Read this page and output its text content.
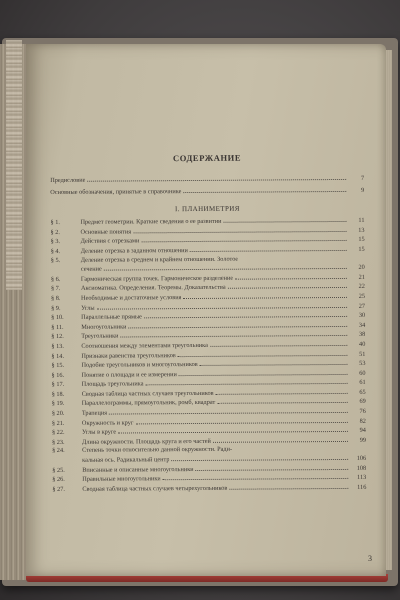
СОДЕРЖАНИЕ
Предисловие	7
Основные обозначения, принятые в справочнике	9
I. ПЛАНИМЕТРИЯ
§ 1.	Предмет геометрии. Краткие сведения о ее развитии	11
§ 2.	Основные понятия	13
§ 3.	Действия с отрезками	15
§ 4.	Деление отрезка в заданном отношении	15
§ 5.	Деление отрезка в среднем и крайнем отношении. Золотое
сечение	20
§ 6.	Гармоническая группа точек. Гармоническое разделение	21
§ 7.	Аксиоматика. Определения. Теоремы. Доказательства	22
§ 8.	Необходимые и достаточные условия	25
§ 9.	Углы	27
§ 10.	Параллельные прямые	30
§ 11.	Многоугольники	34
§ 12.	Треугольники	38
§ 13.	Соотношения между элементами треугольника	40
§ 14.	Признаки равенства треугольников	51
§ 15.	Подобие треугольников и многоугольников	53
§ 16.	Понятие о площади и ее измерении	60
§ 17.	Площадь треугольника	61
§ 18.	Сводная таблица частных случаев треугольников	65
§ 19.	Параллелограммы, прямоугольник, ромб, квадрат	69
§ 20.	Трапеция	76
§ 21.	Окружность и круг	82
§ 22.	Углы в круге	94
§ 23.	Длина окружности. Площадь круга и его частей	99
§ 24.	Степень точки относительно данной окружности. Ради-
кальная ось. Радикальный центр	106
§ 25.	Вписанные и описанные многоугольники	108
§ 26.	Правильные многоугольники	113
§ 27.	Сводная таблица частных случаев четырехугольников	116
3
